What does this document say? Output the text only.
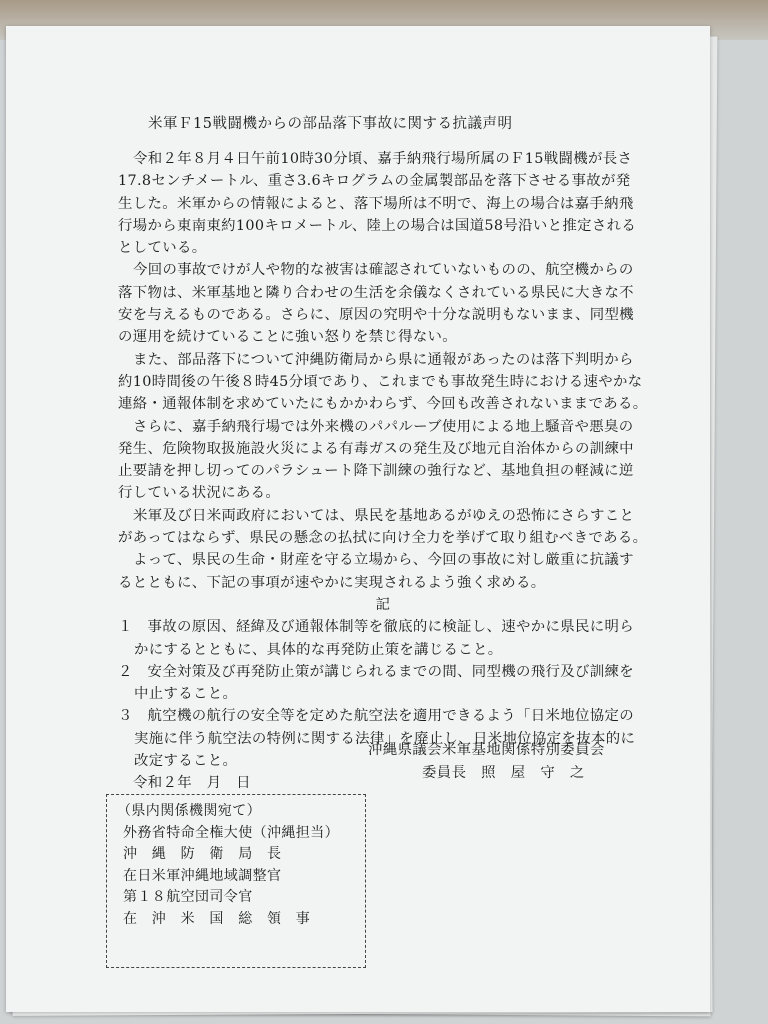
米軍Ｆ15戦闘機からの部品落下事故に関する抗議声明
令和２年８月４日午前10時30分頃、嘉手納飛行場所属のＦ15戦闘機が長さ
17.8センチメートル、重さ3.6キログラムの金属製部品を落下させる事故が発
生した。米軍からの情報によると、落下場所は不明で、海上の場合は嘉手納飛
行場から東南東約100キロメートル、陸上の場合は国道58号沿いと推定される
としている。
今回の事故でけが人や物的な被害は確認されていないものの、航空機からの
落下物は、米軍基地と隣り合わせの生活を余儀なくされている県民に大きな不
安を与えるものである。さらに、原因の究明や十分な説明もないまま、同型機
の運用を続けていることに強い怒りを禁じ得ない。
また、部品落下について沖縄防衛局から県に通報があったのは落下判明から
約10時間後の午後８時45分頃であり、これまでも事故発生時における速やかな
連絡・通報体制を求めていたにもかかわらず、今回も改善されないままである。
さらに、嘉手納飛行場では外来機のパパルーブ使用による地上騒音や悪臭の
発生、危険物取扱施設火災による有毒ガスの発生及び地元自治体からの訓練中
止要請を押し切ってのパラシュート降下訓練の強行など、基地負担の軽減に逆
行している状況にある。
米軍及び日米両政府においては、県民を基地あるがゆえの恐怖にさらすこと
があってはならず、県民の懸念の払拭に向け全力を挙げて取り組むべきである。
よって、県民の生命・財産を守る立場から、今回の事故に対し厳重に抗議す
るとともに、下記の事項が速やかに実現されるよう強く求める。
記
１　 事故の原因、経緯及び通報体制等を徹底的に検証し、速やかに県民に明ら
かにするとともに、具体的な再発防止策を講じること。
２　 安全対策及び再発防止策が講じられるまでの間、同型機の飛行及び訓練を
中止すること。
３　 航空機の航行の安全等を定めた航空法を適用できるよう「日米地位協定の
実施に伴う航空法の特例に関する法律」を廃止し、日米地位協定を抜本的に
改定すること。
令和２年　月　日
沖縄県議会米軍基地関係特別委員会
委員長　照　屋　守　之
（県内関係機関宛て）
外務省特命全権大使（沖縄担当）
沖　縄　防　衛　局　長
在日米軍沖縄地域調整官
第１８航空団司令官
在　沖　米　国　総　領　事
